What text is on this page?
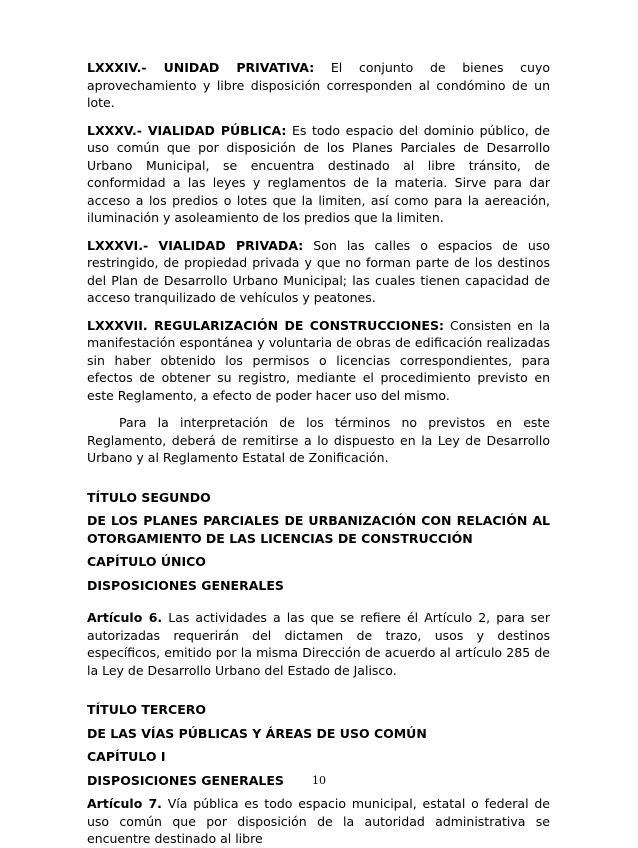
LXXXIV.- UNIDAD PRIVATIVA: El conjunto de bienes cuyo aprovechamiento y libre disposición corresponden al condómino de un lote.

LXXXV.- VIALIDAD PÚBLICA: Es todo espacio del dominio público, de uso común que por disposición de los Planes Parciales de Desarrollo Urbano Municipal, se encuentra destinado al libre tránsito, de conformidad a las leyes y reglamentos de la materia. Sirve para dar acceso a los predios o lotes que la limiten, así como para la aereación, iluminación y asoleamiento de los predios que la limiten.

LXXXVI.- VIALIDAD PRIVADA: Son las calles o espacios de uso restringido, de propiedad privada y que no forman parte de los destinos del Plan de Desarrollo Urbano Municipal; las cuales tienen capacidad de acceso tranquilizado de vehículos y peatones.

LXXXVII. REGULARIZACIÓN DE CONSTRUCCIONES: Consisten en la manifestación espontánea y voluntaria de obras de edificación realizadas sin haber obtenido los permisos o licencias correspondientes, para efectos de obtener su registro, mediante el procedimiento previsto en este Reglamento, a efecto de poder hacer uso del mismo.

Para la interpretación de los términos no previstos en este Reglamento, deberá de remitirse a lo dispuesto en la Ley de Desarrollo Urbano y al Reglamento Estatal de Zonificación.

TÍTULO SEGUNDO

DE LOS PLANES PARCIALES DE URBANIZACIÓN CON RELACIÓN AL OTORGAMIENTO DE LAS LICENCIAS DE CONSTRUCCIÓN

CAPÍTULO ÚNICO

DISPOSICIONES GENERALES

Artículo 6. Las actividades a las que se refiere él Artículo 2, para ser autorizadas requerirán del dictamen de trazo, usos y destinos específicos, emitido por la misma Dirección de acuerdo al artículo 285 de la Ley de Desarrollo Urbano del Estado de Jalisco.

TÍTULO TERCERO

DE LAS VÍAS PÚBLICAS Y ÁREAS DE USO COMÚN

CAPÍTULO I

DISPOSICIONES GENERALES

Artículo 7. Vía pública es todo espacio municipal, estatal o federal de uso común que por disposición de la autoridad administrativa se encuentre destinado al libre

10
